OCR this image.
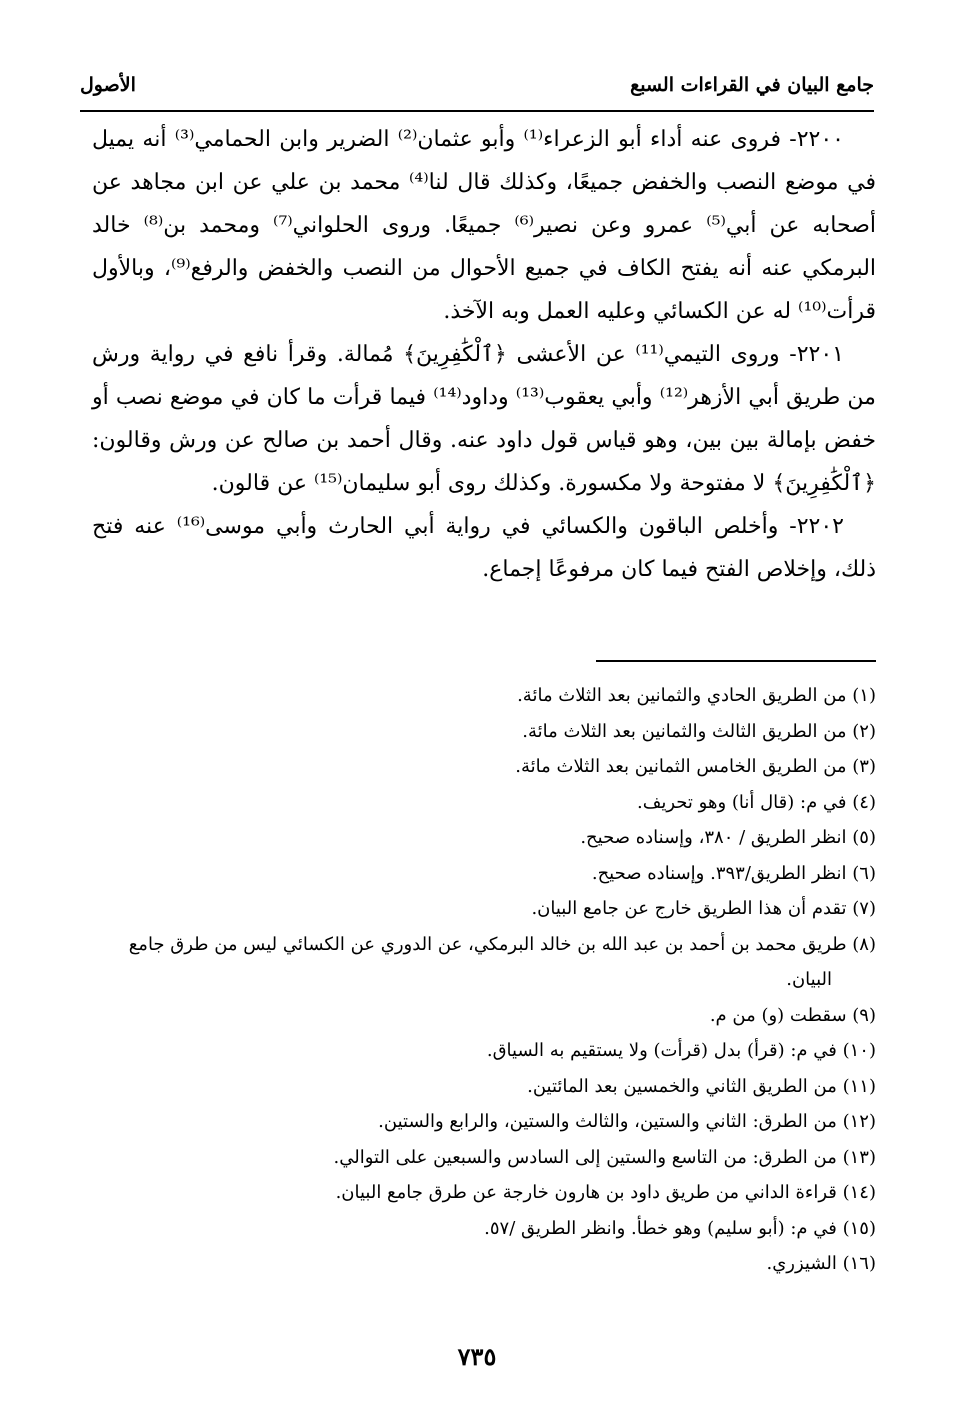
جامع البيان في القراءات السبع
الأصول

٢٢٠٠- فروى عنه أداء أبو الزعراء⁽¹⁾ وأبو عثمان⁽²⁾ الضرير وابن الحمامي⁽³⁾ أنه يميل في موضع النصب والخفض جميعًا، وكذلك قال لنا⁽⁴⁾ محمد بن علي عن ابن مجاهد عن أصحابه عن أبي⁽⁵⁾ عمرو وعن نصير⁽⁶⁾ جميعًا. وروى الحلواني⁽⁷⁾ ومحمد بن⁽⁸⁾ خالد البرمكي عنه أنه يفتح الكاف في جميع الأحوال من النصب والخفض والرفع⁽⁹⁾، وبالأول قرأت⁽¹⁰⁾ له عن الكسائي وعليه العمل وبه الآخذ.

٢٢٠١- وروى التيمي⁽¹¹⁾ عن الأعشى ﴿ٱلْكَٰفِرِينَ﴾ مُمالة. وقرأ نافع في رواية ورش من طريق أبي الأزهر⁽¹²⁾ وأبي يعقوب⁽¹³⁾ وداود⁽¹⁴⁾ فيما قرأت ما كان في موضع نصب أو خفض بإمالة بين بين، وهو قياس قول داود عنه. وقال أحمد بن صالح عن ورش وقالون: ﴿ٱلْكَٰفِرِينَ﴾ لا مفتوحة ولا مكسورة. وكذلك روى أبو سليمان⁽¹⁵⁾ عن قالون.

٢٢٠٢- وأخلص الباقون والكسائي في رواية أبي الحارث وأبي موسى⁽¹⁶⁾ عنه فتح ذلك، وإخلاص الفتح فيما كان مرفوعًا إجماع.

(١) من الطريق الحادي والثمانين بعد الثلاث مائة.

(٢) من الطريق الثالث والثمانين بعد الثلاث مائة.

(٣) من الطريق الخامس الثمانين بعد الثلاث مائة.

(٤) في م: (قال أنا) وهو تحريف.

(٥) انظر الطريق / ٣٨٠، وإسناده صحيح.

(٦) انظر الطريق/٣٩٣. وإسناده صحيح.

(٧) تقدم أن هذا الطريق خارج عن جامع البيان.

(٨) طريق محمد بن أحمد بن عبد الله بن خالد البرمكي، عن الدوري عن الكسائي ليس من طرق جامع البيان.

(٩) سقطت (و) من م.

(١٠) في م: (قرأ) بدل (قرأت) ولا يستقيم به السياق.

(١١) من الطريق الثاني والخمسين بعد المائتين.

(١٢) من الطرق: الثاني والستين، والثالث والستين، والرابع والستين.

(١٣) من الطرق: من التاسع والستين إلى السادس والسبعين على التوالي.

(١٤) قراءة الداني من طريق داود بن هارون خارجة عن طرق جامع البيان.

(١٥) في م: (أبو سليم) وهو خطأ. وانظر الطريق /٥٧.

(١٦) الشيزري.

٧٣٥
